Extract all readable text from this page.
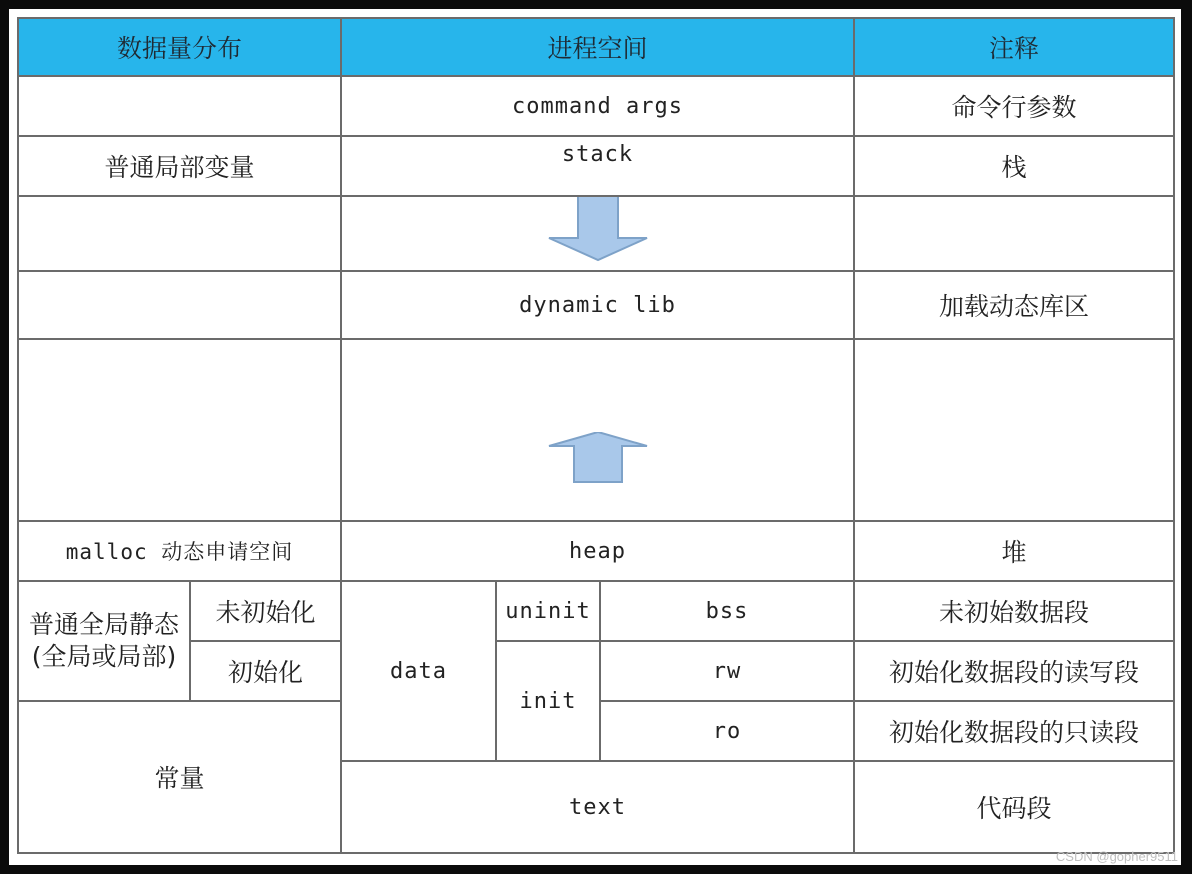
数据量分布		进程空间			注释
		command args			命令行参数
普通局部变量		stack			栈

		dynamic lib			加载动态库区

malloc 动态申请空间		heap			堆
普通全局静态(全局或局部)	未初始化	data	uninit	bss	未初始数据段
	初始化		init	rw	初始化数据段的读写段
常量				ro	初始化数据段的只读段
		text			代码段
CSDN @gopher9511
